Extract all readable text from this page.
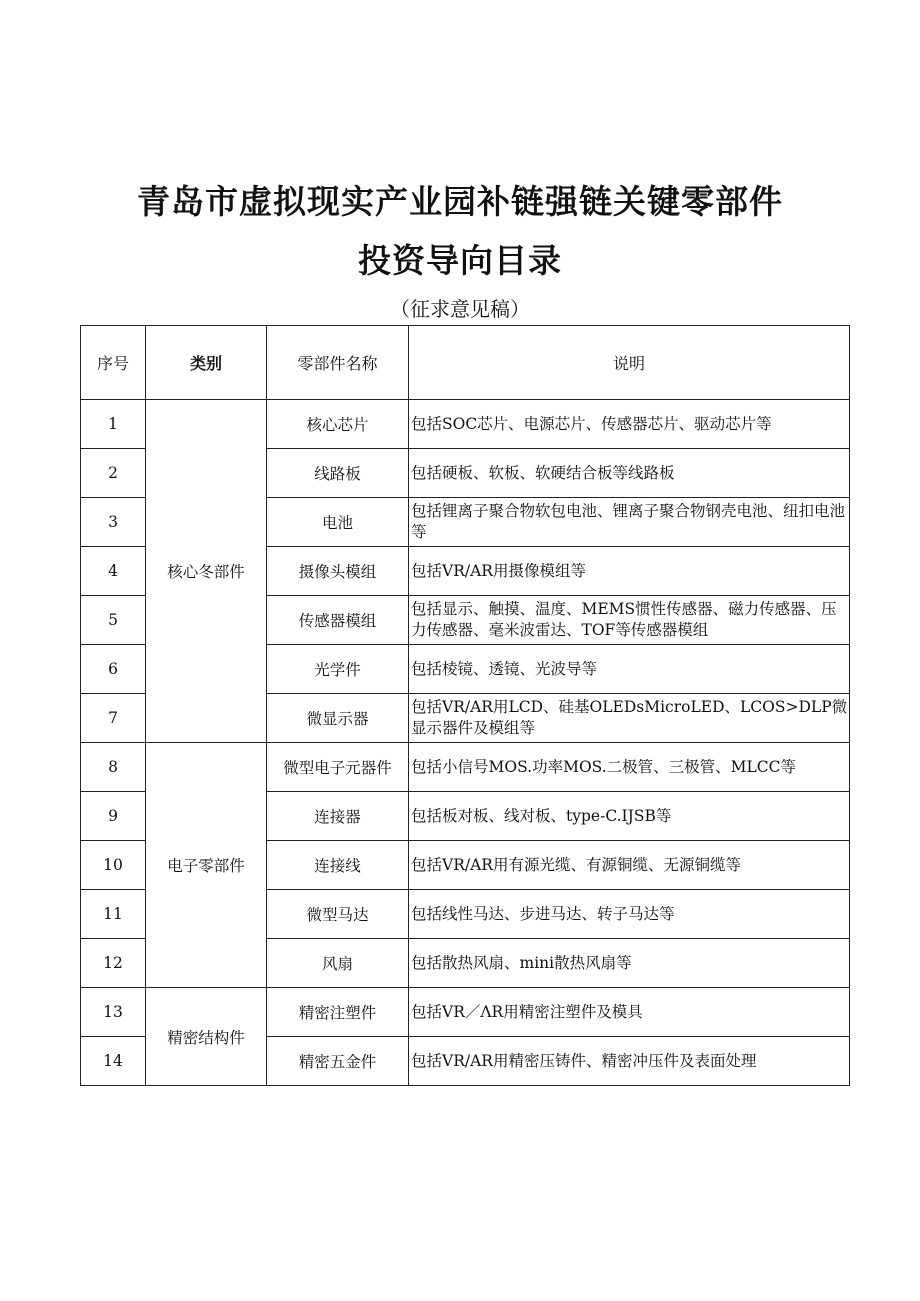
青岛市虚拟现实产业园补链强链关键零部件
投资导向目录
（征求意见稿）
序号	类别	零部件名称	说明
1	核心冬部件	核心芯片	包括SOC芯片、电源芯片、传感器芯片、驱动芯片等
2		线路板	包括硬板、软板、软硬结合板等线路板
3		电池	包括锂离子聚合物软包电池、锂离子聚合物钢壳电池、纽扣电池等
4		摄像头模组	包括VR/AR用摄像模组等
5		传感器模组	包括显示、触摸、温度、MEMS惯性传感器、磁力传感器、压力传感器、毫米波雷达、TOF等传感器模组
6		光学件	包括棱镜、透镜、光波导等
7		微显示器	包括VR/AR用LCD、硅基OLEDsMicroLED、LCOS>DLP微显示器件及模组等
8	电子零部件	微型电子元器件	包括小信号MOS.功率MOS.二极管、三极管、MLCC等
9		连接器	包括板对板、线对板、type-C.IJSB等
10		连接线	包括VR/AR用有源光缆、有源铜缆、无源铜缆等
11		微型马达	包括线性马达、步进马达、转子马达等
12		风扇	包括散热风扇、mini散热风扇等
13	精密结构件	精密注塑件	包括VR／ΛR用精密注塑件及模具
14		精密五金件	包括VR/AR用精密压铸件、精密冲压件及表面处理
